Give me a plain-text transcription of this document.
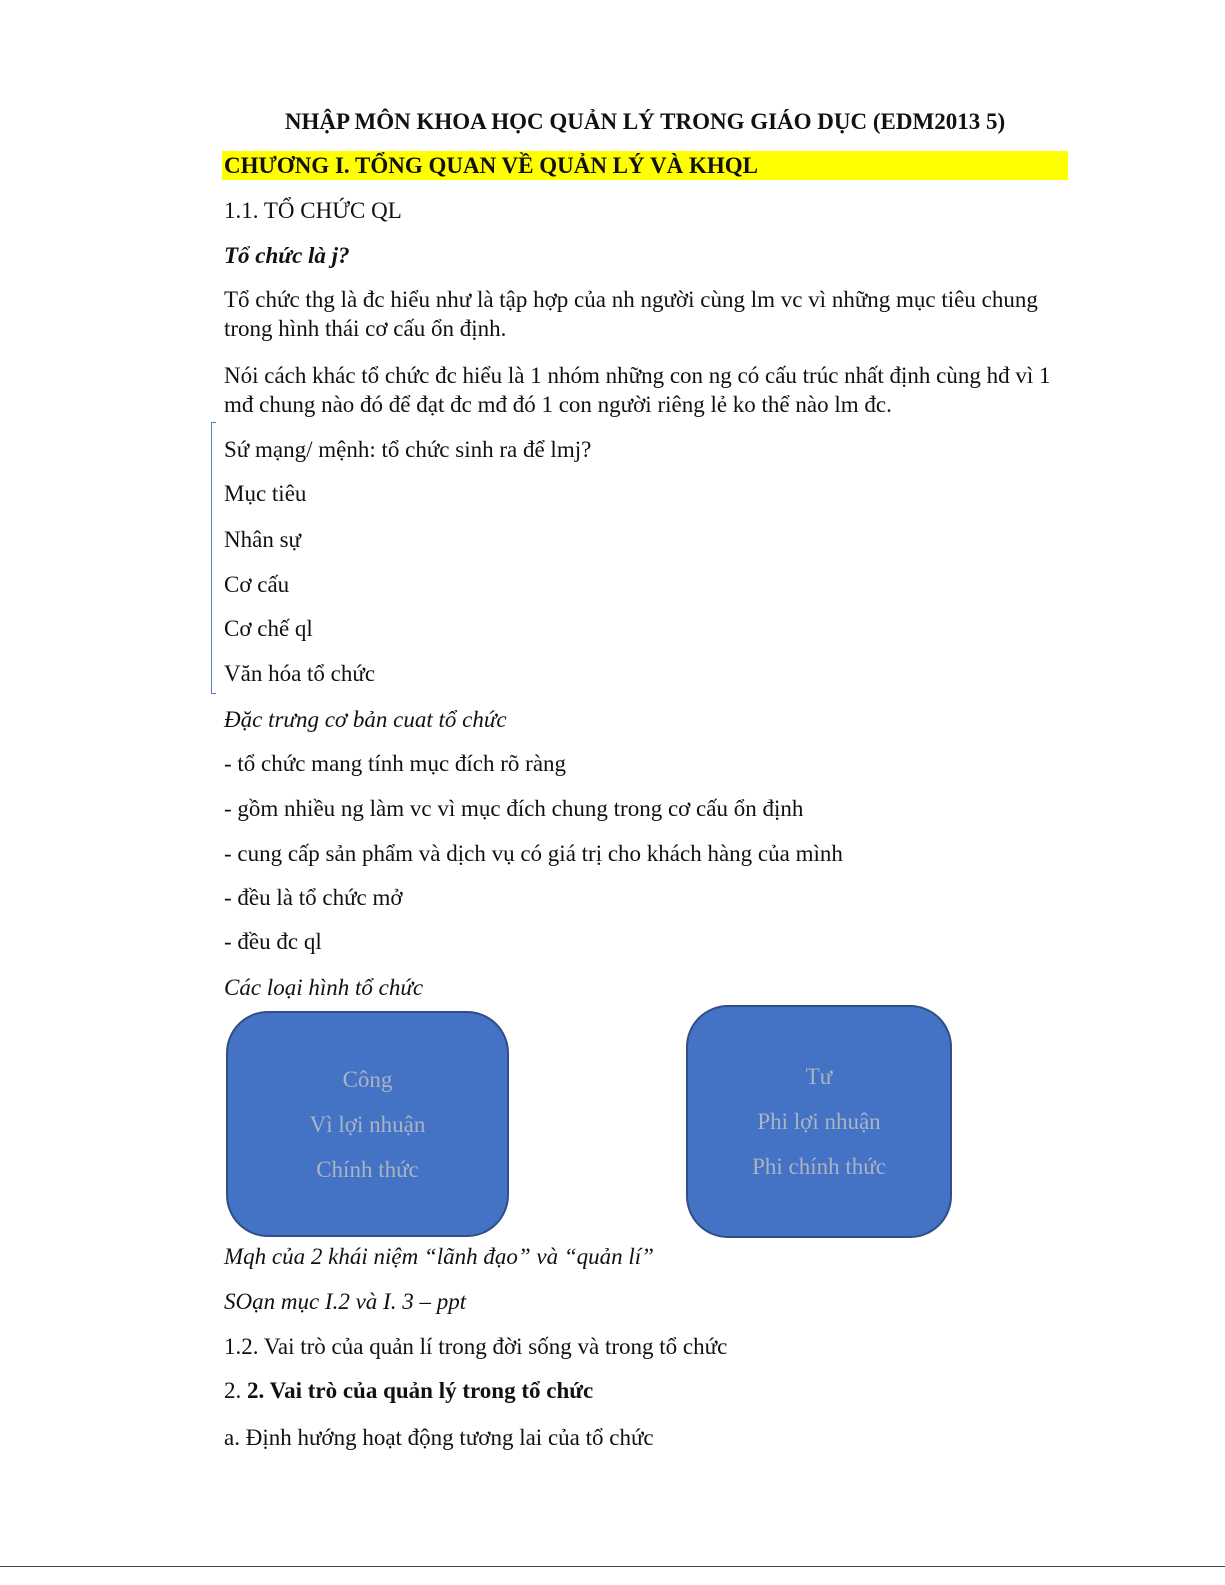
NHẬP MÔN KHOA HỌC QUẢN LÝ TRONG GIÁO DỤC (EDM2013 5)
CHƯƠNG I. TỔNG QUAN VỀ QUẢN LÝ VÀ KHQL
1.1. TỔ CHỨC QL
Tổ chức là j?
Tổ chức thg là đc hiểu như là tập hợp của nh người cùng lm vc vì những mục tiêu chung trong hình thái cơ cấu ổn định.
Nói cách khác tổ chức đc hiểu là 1 nhóm những con ng có cấu trúc nhất định cùng hđ vì 1 mđ chung nào đó để đạt đc mđ đó 1 con người riêng lẻ ko thể nào lm đc.
Sứ mạng/ mệnh: tổ chức sinh ra để lmj?
Mục tiêu
Nhân sự
Cơ cấu
Cơ chế ql
Văn hóa tổ chức
Đặc trưng cơ bản cuat tổ chức
- tổ chức mang tính mục đích rõ ràng
- gồm nhiều ng làm vc vì mục đích chung trong cơ cấu ổn định
- cung cấp sản phẩm và dịch vụ có giá trị cho khách hàng của mình
- đều là tổ chức mở
- đều đc ql
Các loại hình tổ chức
Công
Vì lợi nhuận
Chính thức
Tư
Phi lợi nhuận
Phi chính thức
Mqh của 2 khái niệm “lãnh đạo” và “quản lí”
SOạn mục I.2 và I. 3 – ppt
1.2. Vai trò của quản lí trong đời sống và trong tổ chức
2. 2. Vai trò của quản lý trong tổ chức
a. Định hướng hoạt động tương lai của tổ chức
